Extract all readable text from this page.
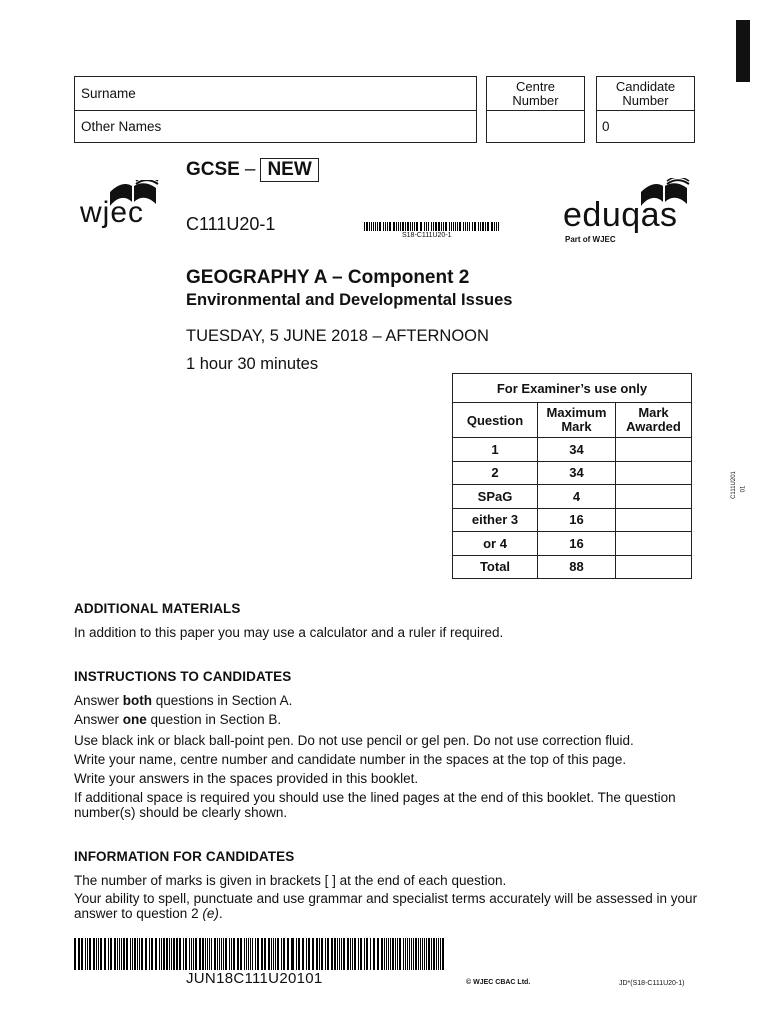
Surname
Other Names
Centre
Number
Candidate
Number
0
wjec	eduqas
Part of WJEC
GCSE – NEW
C111U20-1
S18-C111U20-1
GEOGRAPHY A – Component 2
Environmental and Developmental Issues
TUESDAY, 5 JUNE 2018 – AFTERNOON
1 hour 30 minutes
C111U201 01
For Examiner’s use only		
Question	Maximum Mark	Mark Awarded
1	34	
2	34	
SPaG	4	
either 3	16	
or 4	16	
Total	88	
ADDITIONAL MATERIALS
In addition to this paper you may use a calculator and a ruler if required.
INSTRUCTIONS TO CANDIDATES
Answer both questions in Section A.
Answer one question in Section B.
Use black ink or black ball-point pen. Do not use pencil or gel pen. Do not use correction fluid.
Write your name, centre number and candidate number in the spaces at the top of this page.
Write your answers in the spaces provided in this booklet.
If additional space is required you should use the lined pages at the end of this booklet. The question number(s) should be clearly shown.
INFORMATION FOR CANDIDATES
The number of marks is given in brackets [ ] at the end of each question.
Your ability to spell, punctuate and use grammar and specialist terms accurately will be assessed in your answer to question 2 (e).
JUN18C111U20101	© WJEC CBAC Ltd.	JD*(S18-C111U20-1)
